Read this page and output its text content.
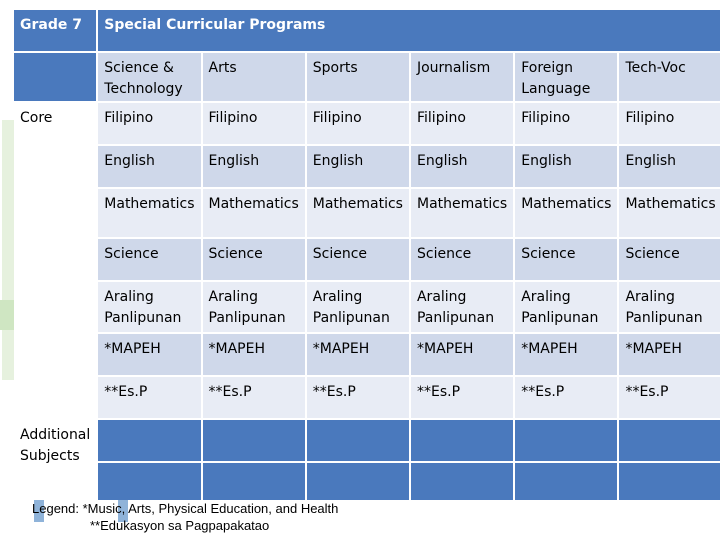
Grade 7	Special Curricular Programs					
	Science & Technology	Arts	Sports	Journalism	Foreign Language	Tech-Voc
Core	Filipino	Filipino	Filipino	Filipino	Filipino	Filipino
	English	English	English	English	English	English
	Mathematics	Mathematics	Mathematics	Mathematics	Mathematics	Mathematics
	Science	Science	Science	Science	Science	Science
	Araling Panlipunan	Araling Panlipunan	Araling Panlipunan	Araling Panlipunan	Araling Panlipunan	Araling Panlipunan
	*MAPEH	*MAPEH	*MAPEH	*MAPEH	*MAPEH	*MAPEH
	**Es.P	**Es.P	**Es.P	**Es.P	**Es.P	**Es.P
Additional Subjects						

Legend: *Music, Arts, Physical Education, and Health
**Edukasyon sa Pagpapakatao
